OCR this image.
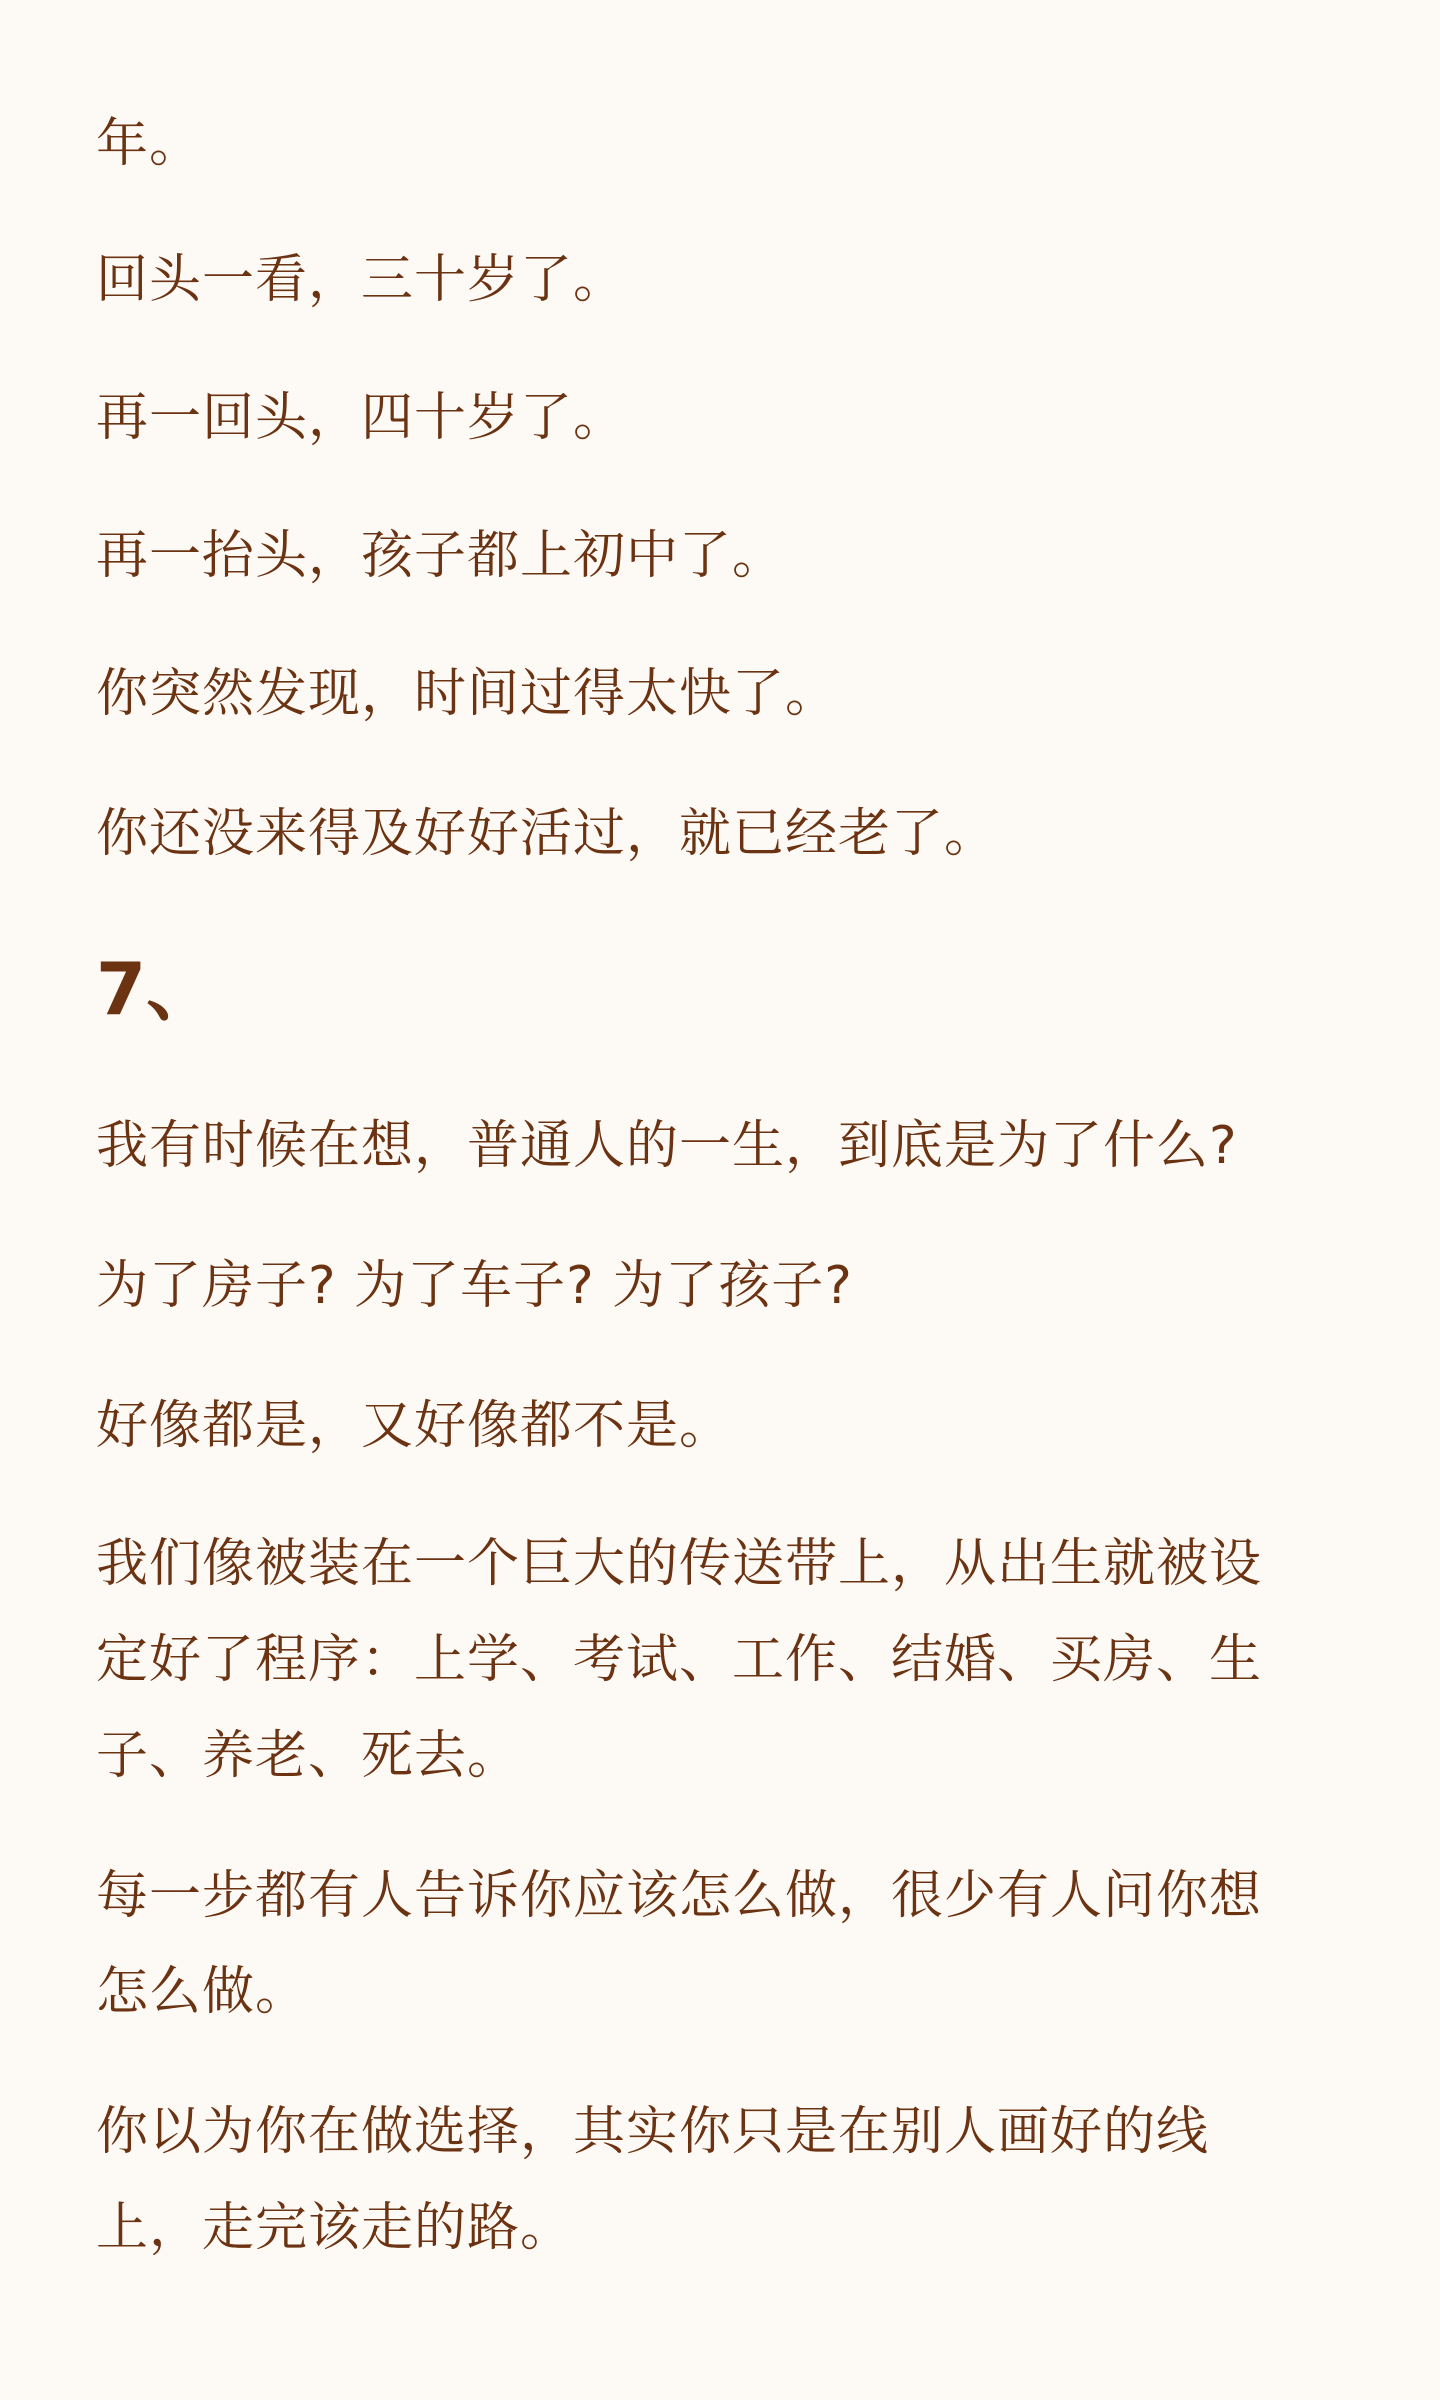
年。

回头一看，三十岁了。

再一回头，四十岁了。

再一抬头，孩子都上初中了。

你突然发现，时间过得太快了。

你还没来得及好好活过，就已经老了。

7、

我有时候在想，普通人的一生，到底是为了什么?

为了房子? 为了车子? 为了孩子?

好像都是，又好像都不是。

我们像被装在一个巨大的传送带上，从出生就被设
定好了程序：上学、考试、工作、结婚、买房、生
子、养老、死去。

每一步都有人告诉你应该怎么做，很少有人问你想
怎么做。

你以为你在做选择，其实你只是在别人画好的线
上，走完该走的路。
